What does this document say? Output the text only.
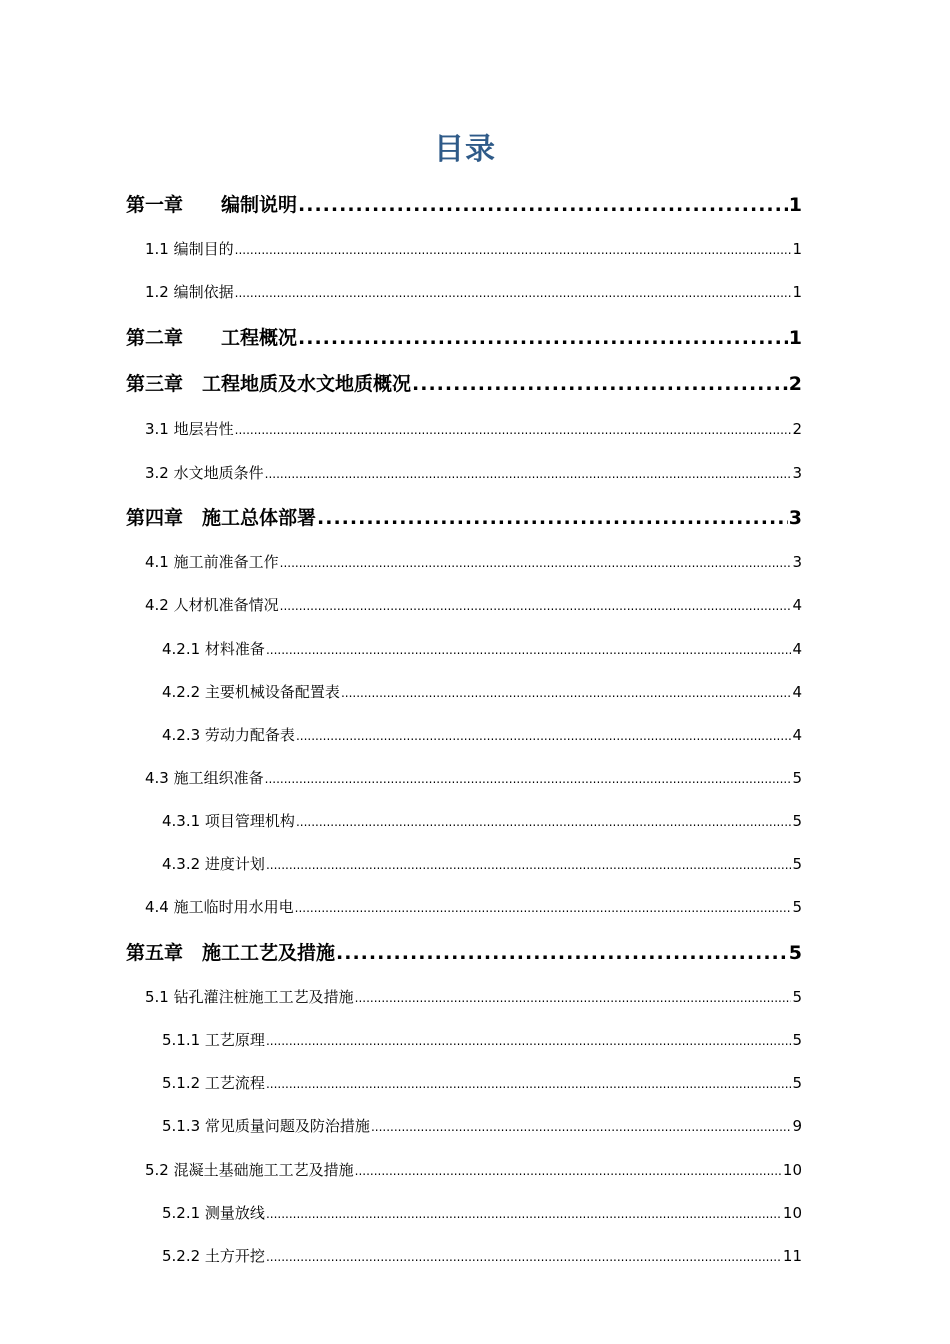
目录
第一章　　编制说明 .....	1
1.1 编制目的 .....	1
1.2 编制依据 .....	1
第二章　　工程概况 .....	1
第三章　工程地质及水文地质概况 .....	2
3.1 地层岩性 .....	2
3.2 水文地质条件 .....	3
第四章　施工总体部署 .....	3
4.1 施工前准备工作 .....	3
4.2 人材机准备情况 .....	4
4.2.1 材料准备 .....	4
4.2.2 主要机械设备配置表 .....	4
4.2.3 劳动力配备表 .....	4
4.3 施工组织准备 .....	5
4.3.1 项目管理机构 .....	5
4.3.2 进度计划 .....	5
4.4 施工临时用水用电 .....	5
第五章　施工工艺及措施 .....	5
5.1 钻孔灌注桩施工工艺及措施 .....	5
5.1.1 工艺原理 .....	5
5.1.2 工艺流程 .....	5
5.1.3 常见质量问题及防治措施 .....	9
5.2 混凝土基础施工工艺及措施 .....	10
5.2.1 测量放线 .....	10
5.2.2 土方开挖 .....	11
